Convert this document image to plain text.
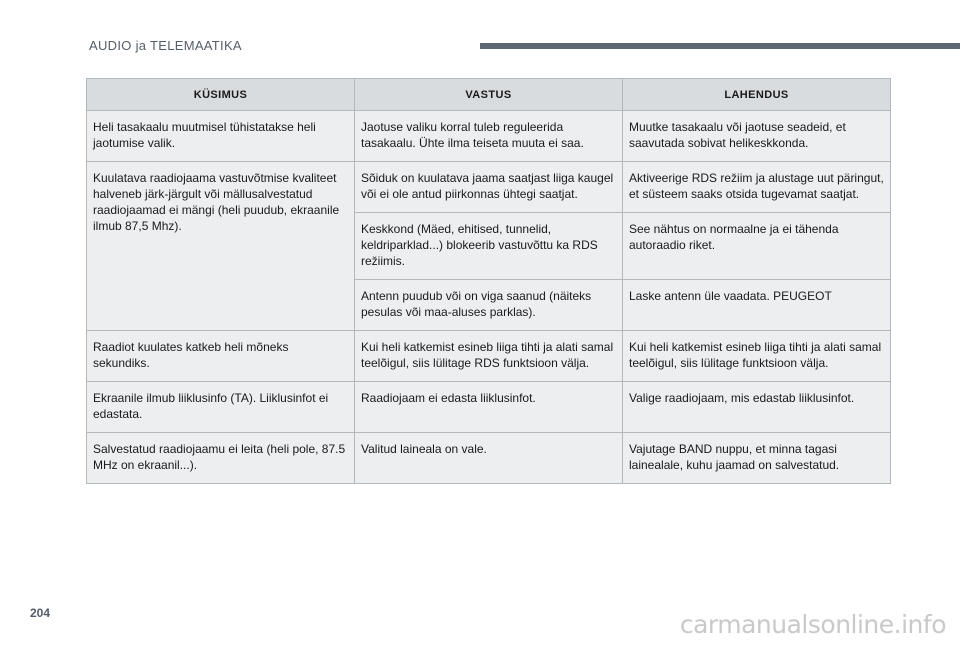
AUDIO ja TELEMAATIKA
KÜSIMUS	VASTUS	LAHENDUS
Heli tasakaalu muutmisel tühistatakse heli jaotumise valik.	Jaotuse valiku korral tuleb reguleerida tasakaalu. Ühte ilma teiseta muuta ei saa.	Muutke tasakaalu või jaotuse seadeid, et saavutada sobivat helikeskkonda.
Kuulatava raadiojaama vastuvõtmise kvaliteet halveneb järk-järgult või mällusalvestatud raadiojaamad ei mängi (heli puudub, ekraanile ilmub 87,5 Mhz).	Sõiduk on kuulatava jaama saatjast liiga kaugel või ei ole antud piirkonnas ühtegi saatjat.	Aktiveerige RDS režiim ja alustage uut päringut, et süsteem saaks otsida tugevamat saatjat.
	Keskkond (Mäed, ehitised, tunnelid, keldriparklad...) blokeerib vastuvõttu ka RDS režiimis.	See nähtus on normaalne ja ei tähenda autoraadio riket.
	Antenn puudub või on viga saanud (näiteks pesulas või maa-aluses parklas).	Laske antenn üle vaadata. PEUGEOT
Raadiot kuulates katkeb heli mõneks sekundiks.	Kui heli katkemist esineb liiga tihti ja alati samal teelõigul, siis lülitage RDS funktsioon välja.	Kui heli katkemist esineb liiga tihti ja alati samal teelõigul, siis lülitage funktsioon välja.
Ekraanile ilmub liiklusinfo (TA). Liiklusinfot ei edastata.	Raadiojaam ei edasta liiklusinfot.	Valige raadiojaam, mis edastab liiklusinfot.
Salvestatud raadiojaamu ei leita (heli pole, 87.5 MHz on ekraanil...).	Valitud laineala on vale.	Vajutage BAND nuppu, et minna tagasi lainealale, kuhu jaamad on salvestatud.
204	carmanualsonline.info
